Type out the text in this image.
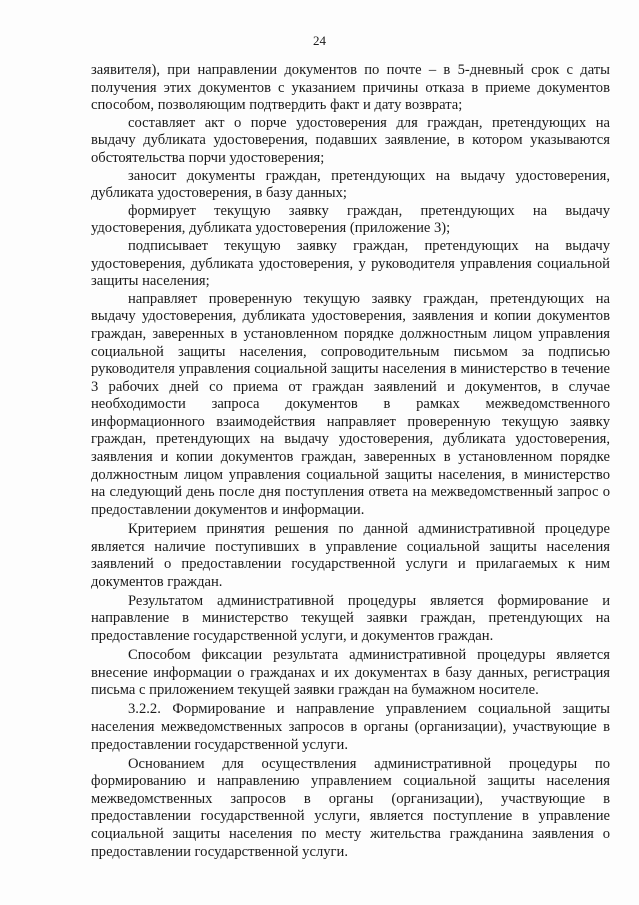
24

заявителя), при направлении документов по почте – в 5-дневный срок с даты получения этих документов с указанием причины отказа в приеме документов способом, позволяющим подтвердить факт и дату возврата;

составляет акт о порче удостоверения для граждан, претендующих на выдачу дубликата удостоверения, подавших заявление, в котором указываются обстоятельства порчи удостоверения;

заносит документы граждан, претендующих на выдачу удостоверения, дубликата удостоверения, в базу данных;

формирует текущую заявку граждан, претендующих на выдачу удостоверения, дубликата удостоверения (приложение 3);

подписывает текущую заявку граждан, претендующих на выдачу удостоверения, дубликата удостоверения, у руководителя управления социальной защиты населения;

направляет проверенную текущую заявку граждан, претендующих на выдачу удостоверения, дубликата удостоверения, заявления и копии документов граждан, заверенных в установленном порядке должностным лицом управления социальной защиты населения, сопроводительным письмом за подписью руководителя управления социальной защиты населения в министерство в течение 3 рабочих дней со приема от граждан заявлений и документов, в случае необходимости запроса документов в рамках межведомственного информационного взаимодействия направляет проверенную текущую заявку граждан, претендующих на выдачу удостоверения, дубликата удостоверения, заявления и копии документов граждан, заверенных в установленном порядке должностным лицом управления социальной защиты населения, в министерство на следующий день после дня поступления ответа на межведомственный запрос о предоставлении документов и информации.

Критерием принятия решения по данной административной процедуре является наличие поступивших в управление социальной защиты населения заявлений о предоставлении государственной услуги и прилагаемых к ним документов граждан.

Результатом административной процедуры является формирование и направление в министерство текущей заявки граждан, претендующих на предоставление государственной услуги, и документов граждан.

Способом фиксации результата административной процедуры является внесение информации о гражданах и их документах в базу данных, регистрация письма с приложением текущей заявки граждан на бумажном носителе.

3.2.2. Формирование и направление управлением социальной защиты населения межведомственных запросов в органы (организации), участвующие в предоставлении государственной услуги.

Основанием для осуществления административной процедуры по формированию и направлению управлением социальной защиты населения межведомственных запросов в органы (организации), участвующие в предоставлении государственной услуги, является поступление в управление социальной защиты населения по месту жительства гражданина заявления о предоставлении государственной услуги.
